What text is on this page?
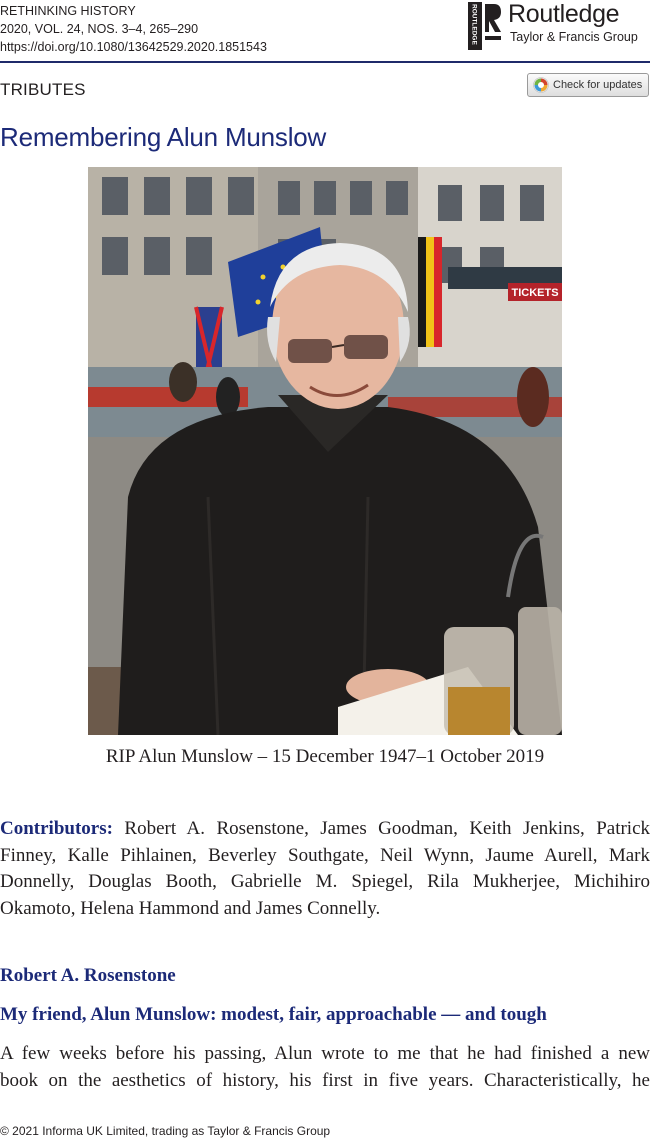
RETHINKING HISTORY
2020, VOL. 24, NOS. 3–4, 265–290
https://doi.org/10.1080/13642529.2020.1851543
ROUTLEDGE Routledge
Taylor & Francis Group
TRIBUTES	Check for updates
Remembering Alun Munslow
TICKETS
RIP Alun Munslow – 15 December 1947–1 October 2019

Contributors: Robert A. Rosenstone, James Goodman, Keith Jenkins, Patrick Finney, Kalle Pihlainen, Beverley Southgate, Neil Wynn, Jaume Aurell, Mark Donnelly, Douglas Booth, Gabrielle M. Spiegel, Rila Mukherjee, Michihiro Okamoto, Helena Hammond and James Connelly.

Robert A. Rosenstone
My friend, Alun Munslow: modest, fair, approachable — and tough
A few weeks before his passing, Alun wrote to me that he had finished a new
book on the aesthetics of history, his first in five years. Characteristically, he
© 2021 Informa UK Limited, trading as Taylor & Francis Group
